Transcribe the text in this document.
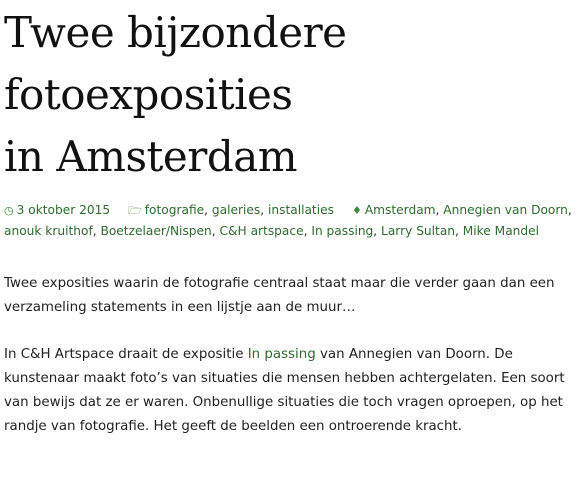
Twee bijzondere
fotoexposities
in Amsterdam
◷ 3 oktober 2015 🗁 fotografie, galeries, installaties ♦ Amsterdam, Annegien van Doorn, anouk kruithof, Boetzelaer/Nispen, C&H artspace, In passing, Larry Sultan, Mike Mandel

Twee exposities waarin de fotografie centraal staat maar die verder gaan dan een verzameling statements in een lijstje aan de muur…

In C&H Artspace draait de expositie In passing van Annegien van Doorn. De kunstenaar maakt foto’s van situaties die mensen hebben achtergelaten. Een soort van bewijs dat ze er waren. Onbenullige situaties die toch vragen oproepen, op het randje van fotografie. Het geeft de beelden een ontroerende kracht.
